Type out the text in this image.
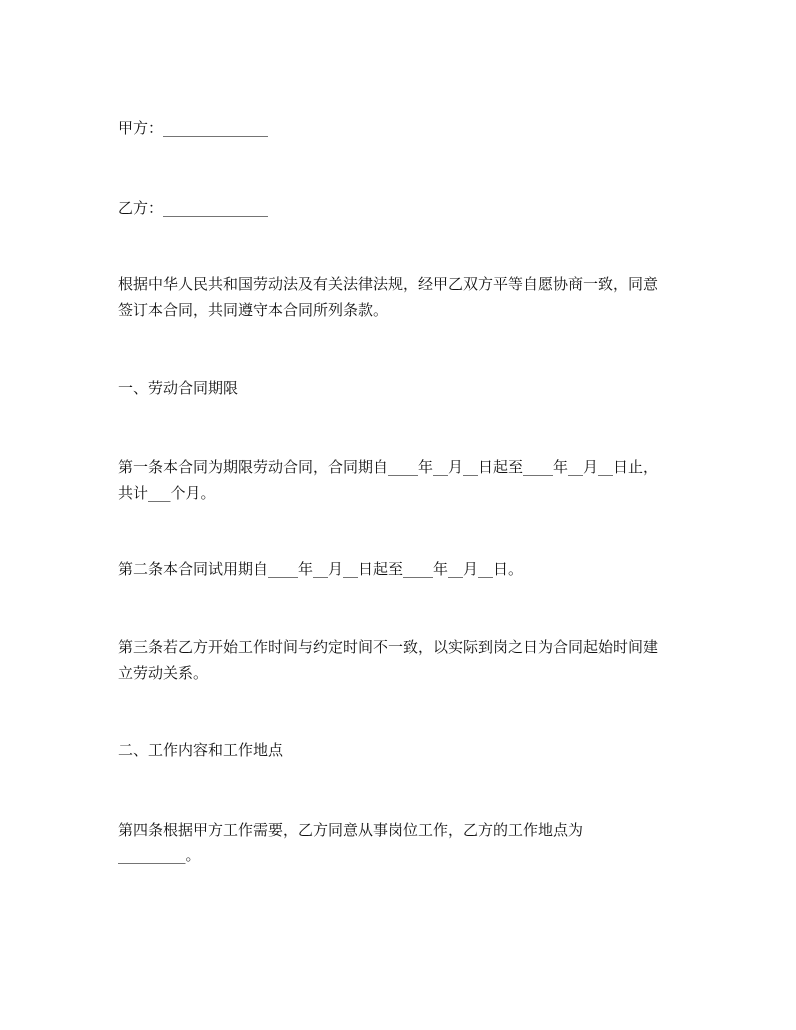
甲方：______________
乙方：______________
根据中华人民共和国劳动法及有关法律法规，经甲乙双方平等自愿协商一致，同意
签订本合同，共同遵守本合同所列条款。
一、劳动合同期限
第一条本合同为期限劳动合同，合同期自____年__月__日起至____年__月__日止，
共计___个月。
第二条本合同试用期自____年__月__日起至____年__月__日。
第三条若乙方开始工作时间与约定时间不一致，以实际到岗之日为合同起始时间建
立劳动关系。
二、工作内容和工作地点
第四条根据甲方工作需要，乙方同意从事岗位工作，乙方的工作地点为
_________。
